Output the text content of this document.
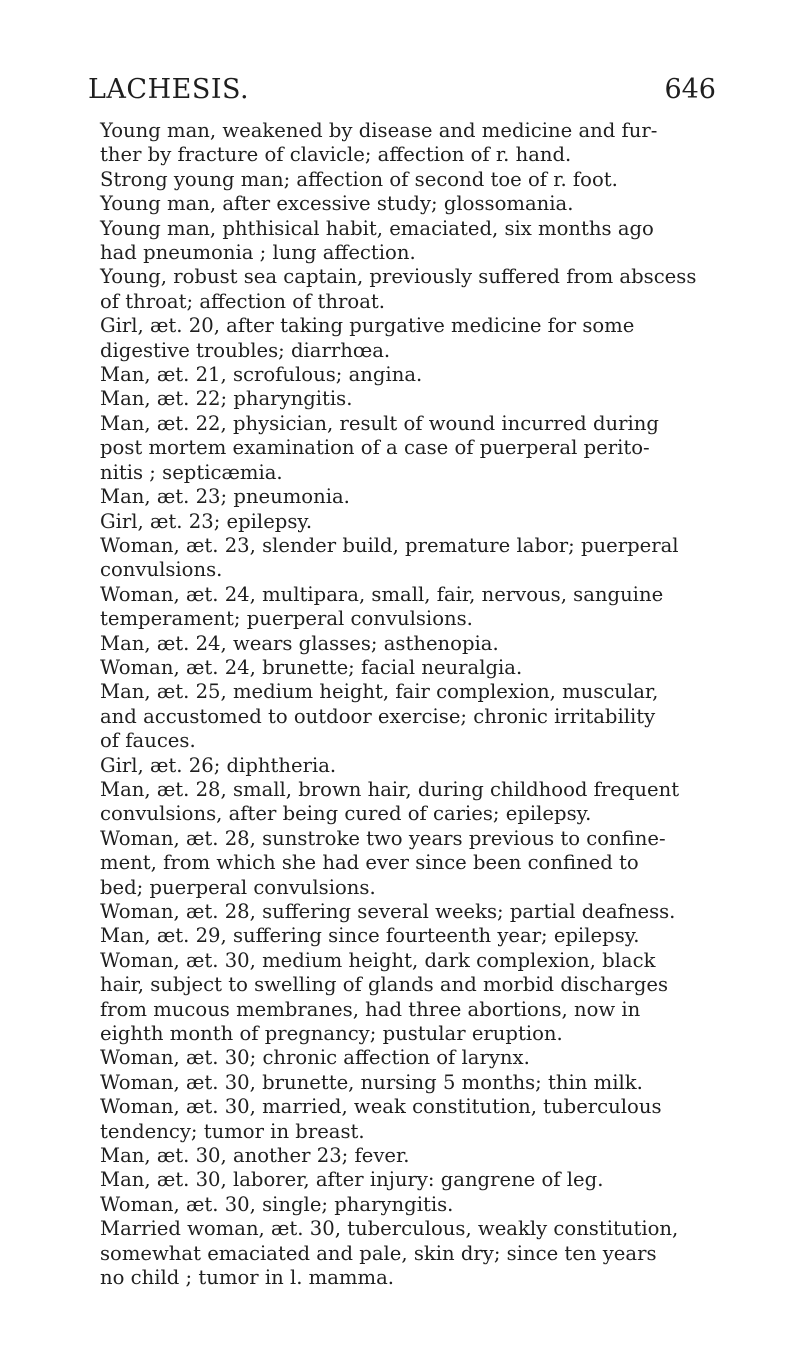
LACHESIS.	646
Young man, weakened by disease and medicine and fur-
ther by fracture of clavicle; affection of r. hand.
Strong young man; affection of second toe of r. foot.
Young man, after excessive study; glossomania.
Young man, phthisical habit, emaciated, six months ago
had pneumonia ; lung affection.
Young, robust sea captain, previously suffered from abscess
of throat; affection of throat.
Girl, æt. 20, after taking purgative medicine for some
digestive troubles; diarrhœa.
Man, æt. 21, scrofulous; angina.
Man, æt. 22; pharyngitis.
Man, æt. 22, physician, result of wound incurred during
post mortem examination of a case of puerperal perito-
nitis ; septicæmia.
Man, æt. 23; pneumonia.
Girl, æt. 23; epilepsy.
Woman, æt. 23, slender build, premature labor; puerperal
convulsions.
Woman, æt. 24, multipara, small, fair, nervous, sanguine
temperament; puerperal convulsions.
Man, æt. 24, wears glasses; asthenopia.
Woman, æt. 24, brunette; facial neuralgia.
Man, æt. 25, medium height, fair complexion, muscular,
and accustomed to outdoor exercise; chronic irritability
of fauces.
Girl, æt. 26; diphtheria.
Man, æt. 28, small, brown hair, during childhood frequent
convulsions, after being cured of caries; epilepsy.
Woman, æt. 28, sunstroke two years previous to confine-
ment, from which she had ever since been confined to
bed; puerperal convulsions.
Woman, æt. 28, suffering several weeks; partial deafness.
Man, æt. 29, suffering since fourteenth year; epilepsy.
Woman, æt. 30, medium height, dark complexion, black
hair, subject to swelling of glands and morbid discharges
from mucous membranes, had three abortions, now in
eighth month of pregnancy; pustular eruption.
Woman, æt. 30; chronic affection of larynx.
Woman, æt. 30, brunette, nursing 5 months; thin milk.
Woman, æt. 30, married, weak constitution, tuberculous
tendency; tumor in breast.
Man, æt. 30, another 23; fever.
Man, æt. 30, laborer, after injury: gangrene of leg.
Woman, æt. 30, single; pharyngitis.
Married woman, æt. 30, tuberculous, weakly constitution,
somewhat emaciated and pale, skin dry; since ten years
no child ; tumor in l. mamma.
